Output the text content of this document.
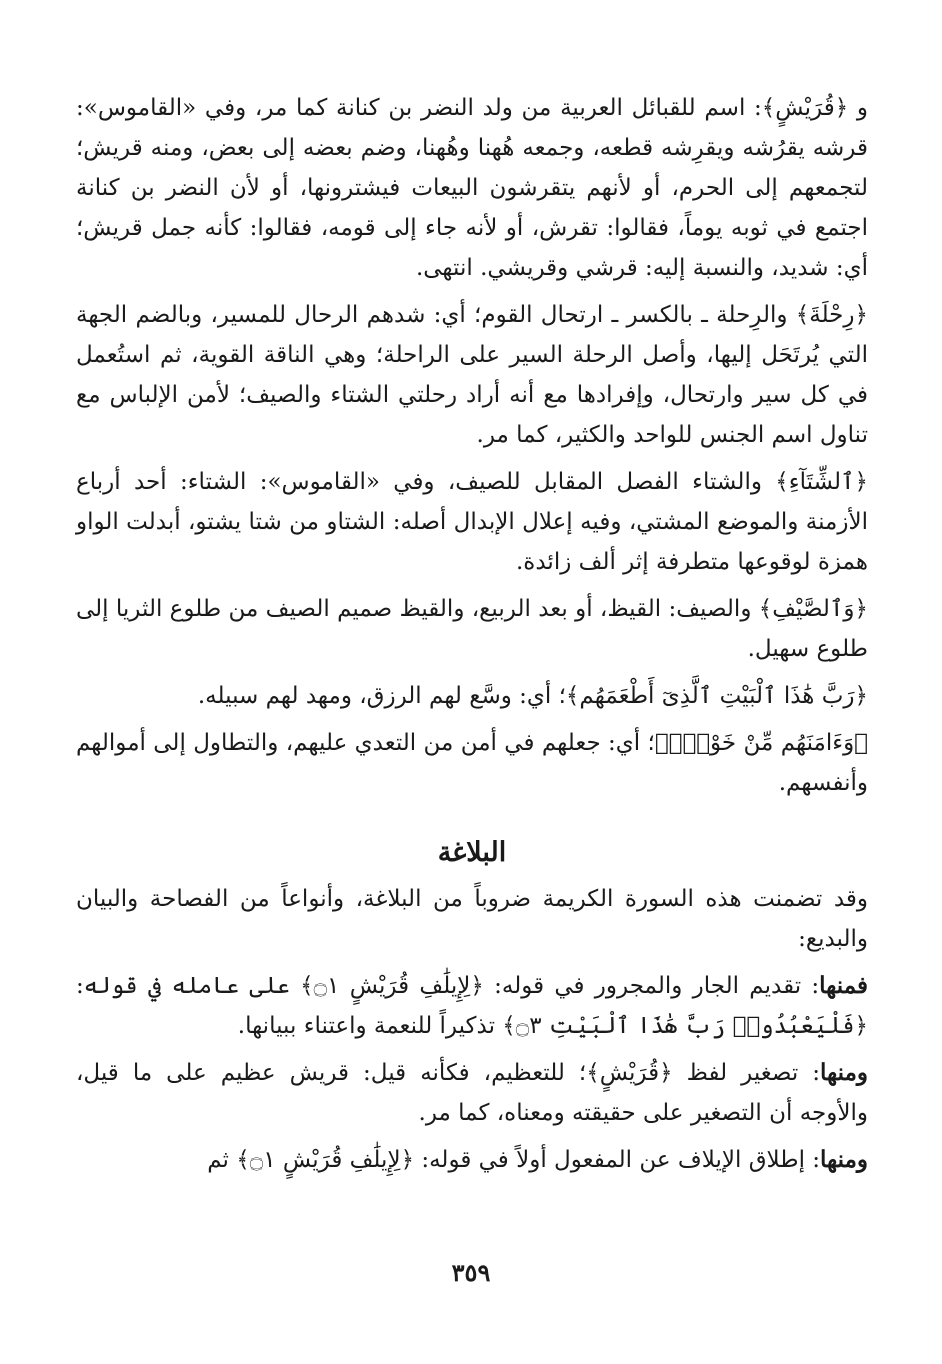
و ﴿قُرَيْشٍ﴾: اسم للقبائل العربية من ولد النضر بن كنانة كما مر، وفي «القاموس»: قرشه يقرُشه ويقرِشه قطعه، وجمعه هُهنا وهُهنا، وضم بعضه إلى بعض، ومنه قريش؛ لتجمعهم إلى الحرم، أو لأنهم يتقرشون البيعات فيشترونها، أو لأن النضر بن كنانة اجتمع في ثوبه يوماً، فقالوا: تقرش، أو لأنه جاء إلى قومه، فقالوا: كأنه جمل قريش؛ أي: شديد، والنسبة إليه: قرشي وقريشي. انتهى.

﴿رِحْلَةَ﴾ والرِحلة ـ بالكسر ـ ارتحال القوم؛ أي: شدهم الرحال للمسير، وبالضم الجهة التي يُرتَحَل إليها، وأصل الرحلة السير على الراحلة؛ وهي الناقة القوية، ثم استُعمل في كل سير وارتحال، وإفرادها مع أنه أراد رحلتي الشتاء والصيف؛ لأمن الإلباس مع تناول اسم الجنس للواحد والكثير، كما مر.

﴿ٱلشِّتَآءِ﴾ والشتاء الفصل المقابل للصيف، وفي «القاموس»: الشتاء: أحد أرباع الأزمنة والموضع المشتي، وفيه إعلال الإبدال أصله: الشتاو من شتا يشتو، أبدلت الواو همزة لوقوعها متطرفة إثر ألف زائدة.

﴿وَٱلصَّيْفِ﴾ والصيف: القيظ، أو بعد الربيع، والقيظ صميم الصيف من طلوع الثريا إلى طلوع سهيل.

﴿رَبَّ هَٰذَا ٱلْبَيْتِ ٱلَّذِىٓ أَطْعَمَهُم﴾؛ أي: وسَّع لهم الرزق، ومهد لهم سبيله.

﴿وَءَامَنَهُم مِّنْ خَوْفٍۭ﴾؛ أي: جعلهم في أمن من التعدي عليهم، والتطاول إلى أموالهم وأنفسهم.

البلاغة

وقد تضمنت هذه السورة الكريمة ضروباً من البلاغة، وأنواعاً من الفصاحة والبيان والبديع:

فمنها: تقديم الجار والمجرور في قوله: ﴿لِإِيلَٰفِ قُرَيْشٍ ۝١﴾ على عامله في قوله: ﴿فَلْيَعْبُدُوا۟ رَبَّ هَٰذَا ٱلْبَيْتِ ۝٣﴾ تذكيراً للنعمة واعتناء ببيانها.

ومنها: تصغير لفظ ﴿قُرَيْشٍ﴾؛ للتعظيم، فكأنه قيل: قريش عظيم على ما قيل، والأوجه أن التصغير على حقيقته ومعناه، كما مر.

ومنها: إطلاق الإيلاف عن المفعول أولاً في قوله: ﴿لِإِيلَٰفِ قُرَيْشٍ ۝١﴾ ثم

٣٥٩
